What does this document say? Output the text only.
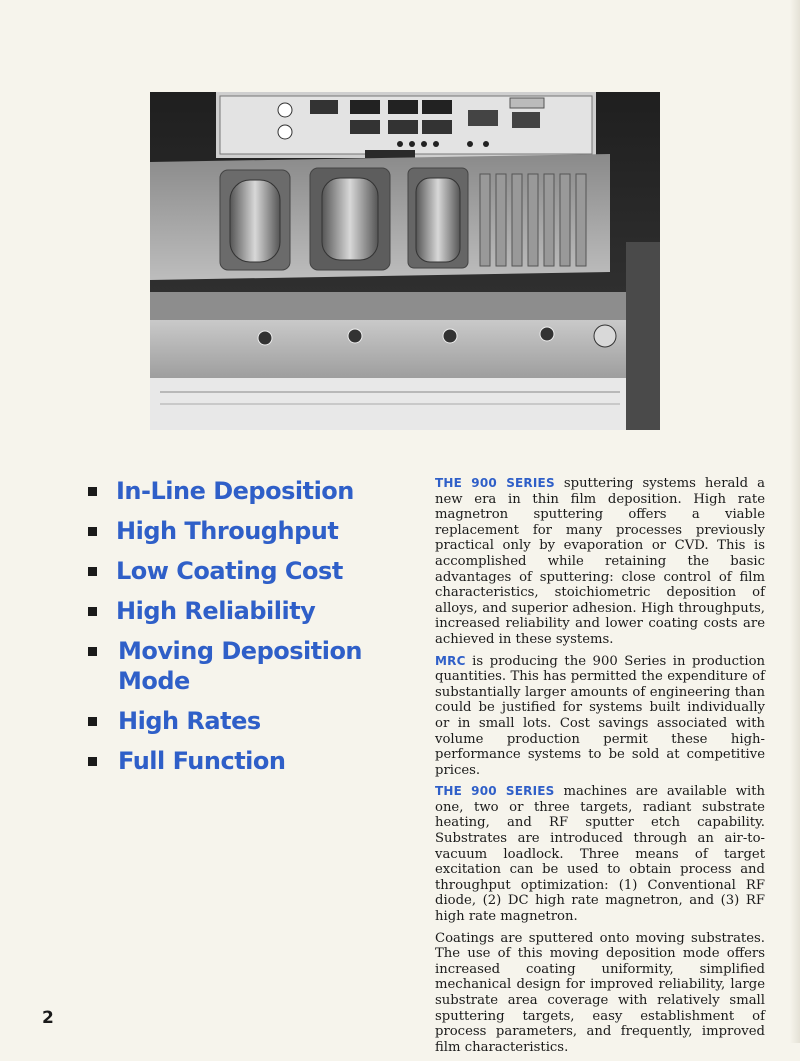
In-Line Deposition
High Throughput
Low Coating Cost
High Reliability
Moving Deposition Mode
High Rates
Full Function

THE 900 SERIES sputtering systems herald a new era in thin film deposition. High rate magnetron sputtering offers a viable replacement for many processes previously practical only by evaporation or CVD. This is accomplished while retaining the basic advantages of sputtering: close control of film characteristics, stoichiometric deposition of alloys, and superior adhesion. High throughputs, increased reliability and lower coating costs are achieved in these systems.

MRC is producing the 900 Series in production quantities. This has permitted the expenditure of substantially larger amounts of engineering than could be justified for systems built individually or in small lots. Cost savings associated with volume production permit these high-performance systems to be sold at competitive prices.

THE 900 SERIES machines are available with one, two or three targets, radiant substrate heating, and RF sputter etch capability. Substrates are introduced through an air-to-vacuum loadlock. Three means of target excitation can be used to obtain process and throughput optimization: (1) Conventional RF diode, (2) DC high rate magnetron, and (3) RF high rate magnetron.

Coatings are sputtered onto moving substrates. The use of this moving deposition mode offers increased coating uniformity, simplified mechanical design for improved reliability, large substrate area coverage with relatively small sputtering targets, easy establishment of process parameters, and frequently, improved film characteristics.

2
